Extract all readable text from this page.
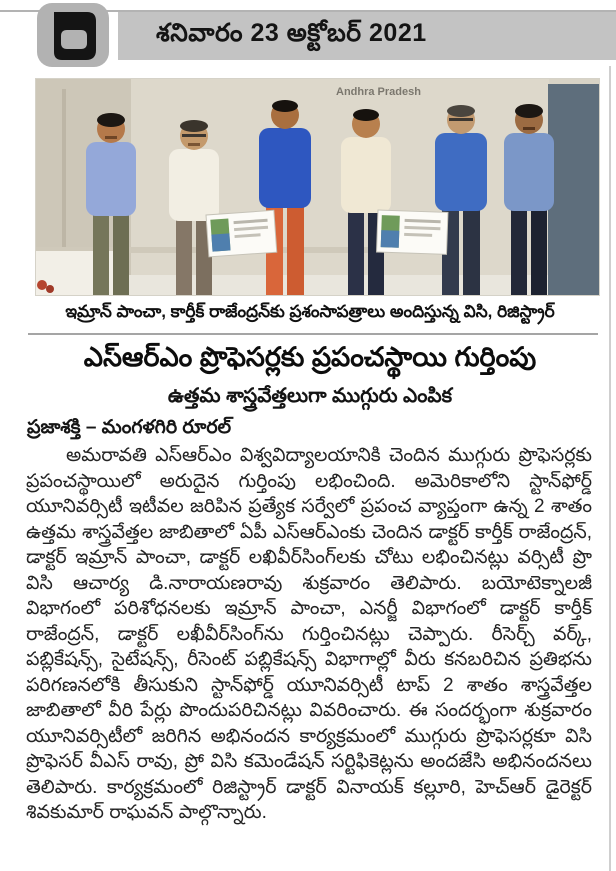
శనివారం 23 అక్టోబర్ 2021
Andhra Pradesh
ఇమ్రాన్ పాంచా, కార్తీక్ రాజేంద్రన్‌కు ప్రశంసాపత్రాలు అందిస్తున్న విసి, రిజిస్ట్రార్
ఎస్ఆర్ఎం ప్రొఫెసర్లకు ప్రపంచస్థాయి గుర్తింపు
ఉత్తమ శాస్త్రవేత్తలుగా ముగ్గురు ఎంపిక
ప్రజాశక్తి – మంగళగిరి రూరల్
అమరావతి ఎస్ఆర్ఎం విశ్వవిద్యాలయానికి చెందిన ముగ్గురు ప్రొఫెసర్లకు ప్రపంచస్థాయిలో అరుదైన గుర్తింపు లభించింది. అమెరికాలోని స్టాన్‌ఫోర్డ్ యూనివర్సిటీ ఇటీవల జరిపిన ప్రత్యేక సర్వేలో ప్రపంచ వ్యాప్తంగా ఉన్న 2 శాతం ఉత్తమ శాస్త్రవేత్తల జాబితాలో ఏపీ ఎస్ఆర్ఎంకు చెందిన డాక్టర్ కార్తీక్ రాజేంద్రన్, డాక్టర్ ఇమ్రాన్ పాంచా, డాక్టర్ లఖివీర్‌సింగ్‌లకు చోటు లభించినట్లు వర్సిటీ ప్రొ విసి ఆచార్య డి.నారాయణరావు శుక్రవారం తెలిపారు. బయోటెక్నాలజీ విభాగంలో పరిశోధనలకు ఇమ్రాన్ పాంచా, ఎనర్జీ విభాగంలో డాక్టర్ కార్తీక్ రాజేంద్రన్, డాక్టర్ లఖీవీర్‌సింగ్‌ను గుర్తించినట్లు చెప్పారు. రీసెర్చ్ వర్క్, పబ్లికేషన్స్, సైటేషన్స్, రీసెంట్ పబ్లికేషన్స్ విభాగాల్లో వీరు కనబరిచిన ప్రతిభను పరిగణనలోకి తీసుకుని స్టాన్‌ఫోర్డ్ యూనివర్సిటీ టాప్ 2 శాతం శాస్త్రవేత్తల జాబితాలో వీరి పేర్లు పొందుపరిచినట్లు వివరించారు. ఈ సందర్భంగా శుక్రవారం యూనివర్సిటీలో జరిగిన అభినందన కార్యక్రమంలో ముగ్గురు ప్రొఫెసర్లకూ విసి ప్రొఫెసర్ వీఎస్ రావు, ప్రో విసి కమెండేషన్ సర్టిఫికెట్లను అందజేసి అభినందనలు తెలిపారు. కార్యక్రమంలో రిజిస్ట్రార్ డాక్టర్ వినాయక్ కల్లూరి, హెచ్ఆర్ డైరెక్టర్ శివకుమార్ రాఘవన్ పాల్గొన్నారు.
